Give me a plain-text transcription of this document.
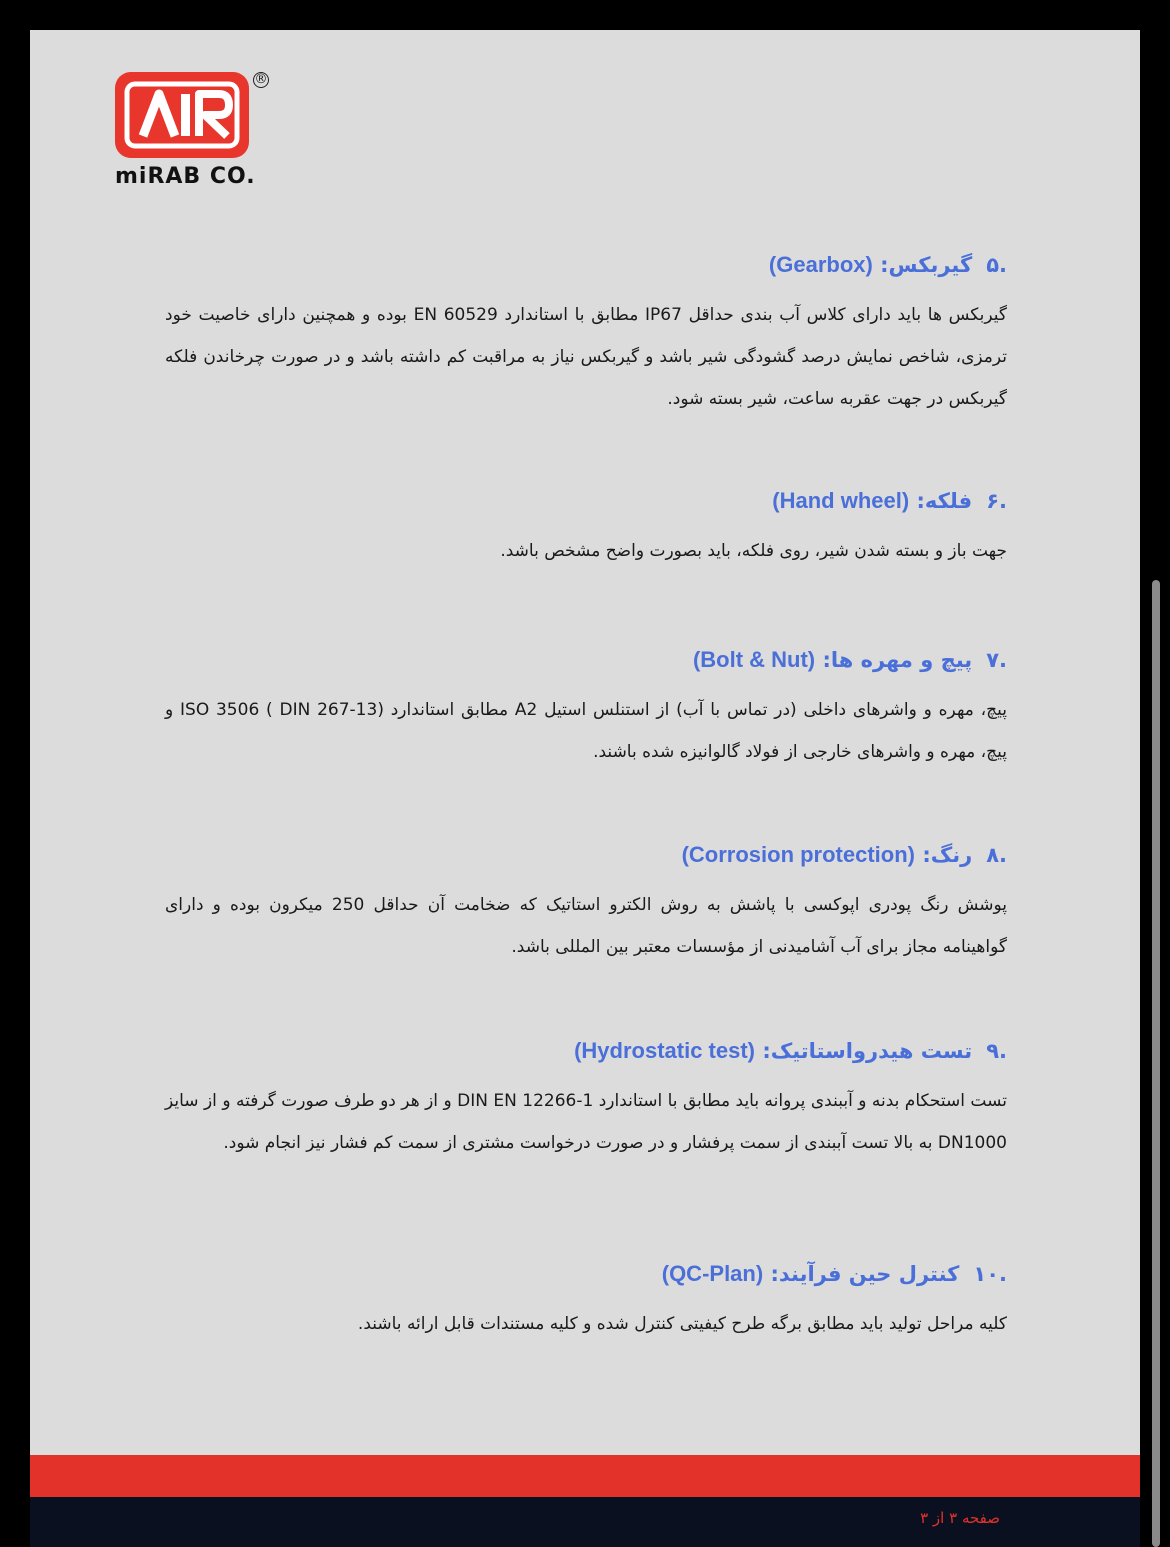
®
miRAB CO.
.۵گیربکس: (Gearbox)

گیربکس ها باید دارای کلاس آب بندی حداقل IP67 مطابق با استاندارد EN 60529 بوده و همچنین دارای خاصیت خود ترمزی، شاخص نمایش درصد گشودگی شیر باشد و گیربکس نیاز به مراقبت کم داشته باشد و در صورت چرخاندن فلکه گیربکس در جهت عقربه ساعت، شیر بسته شود.

.۶فلکه: (Hand wheel)

جهت باز و بسته شدن شیر، روی فلکه، باید بصورت واضح مشخص باشد.

.۷پیچ و مهره ها: (Bolt & Nut)

پیچ، مهره و واشرهای داخلی (در تماس با آب) از استنلس استیل A2 مطابق استاندارد (ISO 3506 ( DIN 267-13 و پیچ، مهره و واشرهای خارجی از فولاد گالوانیزه شده باشند.

.۸رنگ: (Corrosion protection)

پوشش رنگ پودری اپوکسی با پاشش به روش الکترو استاتیک که ضخامت آن حداقل 250 میکرون بوده و دارای گواهینامه مجاز برای آب آشامیدنی از مؤسسات معتبر بین المللی باشد.

.۹تست هیدرواستاتیک: (Hydrostatic test)

تست استحکام بدنه و آببندی پروانه باید مطابق با استاندارد DIN EN 12266-1 و از هر دو طرف صورت گرفته و از سایز DN1000 به بالا تست آببندی از سمت پرفشار و در صورت درخواست مشتری از سمت کم فشار نیز انجام شود.

.۱۰کنترل حین فرآیند: (QC-Plan)

کلیه مراحل تولید باید مطابق برگه طرح کیفیتی کنترل شده و کلیه مستندات قابل ارائه باشند.

صفحه ۳ از ۳
